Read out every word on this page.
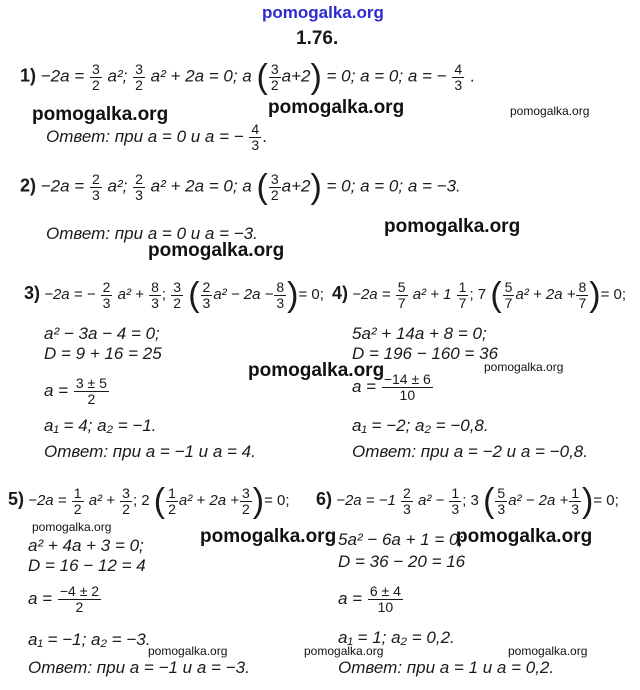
pomogalka.org
1.76.
$1) -2a = \frac{3}{2} a^2$; $\frac{3}{2} a^2 + 2a = 0$; a ( $\frac{3}{2} a+2) = 0$; a = 0; a = − $\frac{4}{3}$ .
pomogalka.org	pomogalka.org	pomogalka.org
Ответ: при a = 0 и a = − $\frac{4}{3}$ .
$2) -2a = \frac{2}{3} a^2$; $\frac{2}{3} a^2 + 2a = 0$; a ( $\frac{3}{2} a+2) = 0$; a = 0; a = −3.
pomogalka.org
Ответ: при a = 0 и a = −3.
pomogalka.org
3) −2a = − $\frac{2}{3} a^2 + \frac{8}{3}$ ; $\frac{3}{2}$ ( $\frac{2}{3} a^2 - 2a - \frac{8}{3}$ )= 0;
a² − 3a − 4 = 0;
D = 9 + 16 = 25
$a = \frac{3 \pm 5}{2}$
a₁ = 4; a₂ = −1.
Ответ: при a = −1 и a = 4.
$4) -2a = \frac{5}{7} a^2 + 1 \frac{1}{7}$ ; 7 ( $\frac{5}{7} a^2 + 2a + \frac{8}{7}$ )= 0;
5a² + 14a + 8 = 0;
D = 196 − 160 = 36
pomogalka.org	pomogalka.org
$a = \frac{-14 \pm 6}{10}$
a₁ = −2; a₂ = −0,8.
Ответ: при a = −2 и a = −0,8.
$5) -2a = \frac{1}{2} a^2 + \frac{3}{2}$ ; 2 ( $\frac{1}{2} a^2 + 2a + \frac{3}{2}$ )= 0;
pomogalka.org	pomogalka.org
a² + 4a + 3 = 0;
D = 16 − 12 = 4
$a = \frac{-4 \pm 2}{2}$
a₁ = −1; a₂ = −3.
pomogalka.org
Ответ: при a = −1 и a = −3.
$6) -2a = -1 \frac{2}{3} a^2 - \frac{1}{3}$ ; 3 ( $\frac{5}{3} a^2 - 2a + \frac{1}{3}$ )= 0;
5a² − 6a + 1 = 0;
pomogalka.org
D = 36 − 20 = 16
$a = \frac{6 \pm 4}{10}$
a₁ = 1; a₂ = 0,2.
pomogalka.org	pomogalka.org
Ответ: при a = 1 и a = 0,2.
